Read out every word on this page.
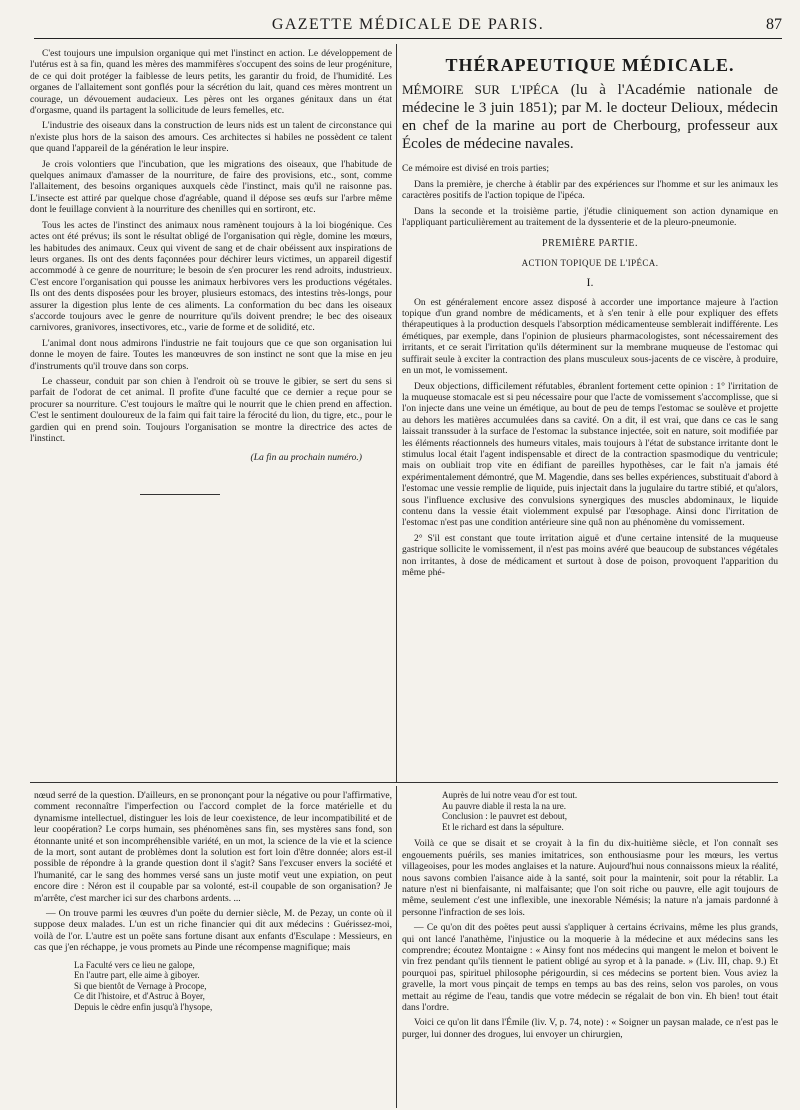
GAZETTE MÉDICALE DE PARIS.	87

C'est toujours une impulsion organique qui met l'instinct en action. Le développement de l'utérus est à sa fin, quand les mères des mammifères s'occupent des soins de leur progéniture, de ce qui doit protéger la faiblesse de leurs petits, les garantir du froid, de l'humidité. Les organes de l'allaitement sont gonflés pour la sécrétion du lait, quand ces mères montrent un courage, un dévouement audacieux. Les pères ont les organes génitaux dans un état d'orgasme, quand ils partagent la sollicitude de leurs femelles, etc.

L'industrie des oiseaux dans la construction de leurs nids est un talent de circonstance qui n'existe plus hors de la saison des amours. Ces architectes si habiles ne possèdent ce talent que quand l'appareil de la génération le leur inspire.

Je crois volontiers que l'incubation, que les migrations des oiseaux, que l'habitude de quelques animaux d'amasser de la nourriture, de faire des provisions, etc., sont, comme l'allaitement, des besoins organiques auxquels cède l'instinct, mais qu'il ne raisonne pas. L'insecte est attiré par quelque chose d'agréable, quand il dépose ses œufs sur l'arbre même dont le feuillage convient à la nourriture des chenilles qui en sortiront, etc.

Tous les actes de l'instinct des animaux nous ramènent toujours à la loi biogénique. Ces actes ont été prévus; ils sont le résultat obligé de l'organisation qui règle, domine les mœurs, les habitudes des animaux. Ceux qui vivent de sang et de chair obéissent aux inspirations de leurs organes. Ils ont des dents façonnées pour déchirer leurs victimes, un appareil digestif accommodé à ce genre de nourriture; le besoin de s'en procurer les rend adroits, industrieux. C'est encore l'organisation qui pousse les animaux herbivores vers les productions végétales. Ils ont des dents disposées pour les broyer, plusieurs estomacs, des intestins très-longs, pour assurer la digestion plus lente de ces aliments. La conformation du bec dans les oiseaux s'accorde toujours avec le genre de nourriture qu'ils doivent prendre; le bec des oiseaux carnivores, granivores, insectivores, etc., varie de forme et de solidité, etc.

L'animal dont nous admirons l'industrie ne fait toujours que ce que son organisation lui donne le moyen de faire. Toutes les manœuvres de son instinct ne sont que la mise en jeu d'instruments qu'il trouve dans son corps.

Le chasseur, conduit par son chien à l'endroit où se trouve le gibier, se sert du sens si parfait de l'odorat de cet animal. Il profite d'une faculté que ce dernier a reçue pour se procurer sa nourriture. C'est toujours le maître qui le nourrit que le chien prend en affection. C'est le sentiment douloureux de la faim qui fait taire la férocité du lion, du tigre, etc., pour le gardien qui en prend soin. Toujours l'organisation se montre la directrice des actes de l'instinct.

(La fin au prochain numéro.)
THÉRAPEUTIQUE MÉDICALE.
MÉMOIRE SUR L'IPÉCA (lu à l'Académie nationale de médecine le 3 juin 1851); par M. le docteur Delioux, médecin en chef de la marine au port de Cherbourg, professeur aux Écoles de médecine navales.

Ce mémoire est divisé en trois parties;

Dans la première, je cherche à établir par des expériences sur l'homme et sur les animaux les caractères positifs de l'action topique de l'ipéca.

Dans la seconde et la troisième partie, j'étudie cliniquement son action dynamique en l'appliquant particulièrement au traitement de la dyssenterie et de la pleuro-pneumonie.

PREMIÈRE PARTIE.
ACTION TOPIQUE DE L'IPÉCA.
I.

On est généralement encore assez disposé à accorder une importance majeure à l'action topique d'un grand nombre de médicaments, et à s'en tenir à elle pour expliquer des effets thérapeutiques à la production desquels l'absorption médicamenteuse semblerait indifférente. Les émétiques, par exemple, dans l'opinion de plusieurs pharmacologistes, sont nécessairement des irritants, et ce serait l'irritation qu'ils déterminent sur la membrane muqueuse de l'estomac qui suffirait seule à exciter la contraction des plans musculeux sous-jacents de ce viscère, à produire, en un mot, le vomissement.

Deux objections, difficilement réfutables, ébranlent fortement cette opinion : 1° l'irritation de la muqueuse stomacale est si peu nécessaire pour que l'acte de vomissement s'accomplisse, que si l'on injecte dans une veine un émétique, au bout de peu de temps l'estomac se soulève et projette au dehors les matières accumulées dans sa cavité. On a dit, il est vrai, que dans ce cas le sang laissait transsuder à la surface de l'estomac la substance injectée, soit en nature, soit modifiée par les éléments réactionnels des humeurs vitales, mais toujours à l'état de substance irritante dont le stimulus local était l'agent indispensable et direct de la contraction spasmodique du ventricule; mais on oubliait trop vite en édifiant de pareilles hypothèses, car le fait n'a jamais été expérimentalement démontré, que M. Magendie, dans ses belles expériences, substituait d'abord à l'estomac une vessie remplie de liquide, puis injectait dans la jugulaire du tartre stibié, et qu'alors, sous l'influence exclusive des convulsions synergiques des muscles abdominaux, le liquide contenu dans la vessie était violemment expulsé par l'œsophage. Ainsi donc l'irritation de l'estomac n'est pas une condition antérieure sine quâ non au phénomène du vomissement.

2° S'il est constant que toute irritation aiguë et d'une certaine intensité de la muqueuse gastrique sollicite le vomissement, il n'est pas moins avéré que beaucoup de substances végétales non irritantes, à dose de médicament et surtout à dose de poison, provoquent l'apparition du même phé-

nœud serré de la question. D'ailleurs, en se prononçant pour la négative ou pour l'affirmative, comment reconnaître l'imperfection ou l'accord complet de la force matérielle et du dynamisme intellectuel, distinguer les lois de leur coexistence, de leur incompatibilité et de leur coopération? Le corps humain, ses phénomènes sans fin, ses mystères sans fond, son étonnante unité et son incompréhensible variété, en un mot, la science de la vie et la science de la mort, sont autant de problèmes dont la solution est fort loin d'être donnée; alors est-il possible de répondre à la grande question dont il s'agit? Sans l'excuser envers la société et l'humanité, car le sang des hommes versé sans un juste motif veut une expiation, on peut encore dire : Néron est il coupable par sa volonté, est-il coupable de son organisation? Je m'arrête, c'est marcher ici sur des charbons ardents. ...

— On trouve parmi les œuvres d'un poëte du dernier siècle, M. de Pezay, un conte où il suppose deux malades. L'un est un riche financier qui dit aux médecins : Guérissez-moi, voilà de l'or. L'autre est un poëte sans fortune disant aux enfants d'Esculape : Messieurs, en cas que j'en réchappe, je vous promets au Pinde une récompense magnifique; mais

La Faculté vers ce lieu ne galope,
En l'autre part, elle aime à giboyer.
Si que bientôt de Vernage à Procope,
Ce dit l'histoire, et d'Astruc à Boyer,
Depuis le cèdre enfin jusqu'à l'hysope,
Auprès de lui notre veau d'or est tout.
Au pauvre diable il resta la na ure.
Conclusion : le pauvret est debout,
Et le richard est dans la sépulture.

Voilà ce que se disait et se croyait à la fin du dix-huitième siècle, et l'on connaît ses engouements puérils, ses manies imitatrices, son enthousiasme pour les mœurs, les vertus villageoises, pour les modes anglaises et la nature. Aujourd'hui nous connaissons mieux la réalité, nous savons combien l'aisance aide à la santé, soit pour la maintenir, soit pour la rétablir. La nature n'est ni bienfaisante, ni malfaisante; que l'on soit riche ou pauvre, elle agit toujours de même, seulement c'est une inflexible, une inexorable Némésis; la nature n'a jamais pardonné à personne l'infraction de ses lois.

— Ce qu'on dit des poëtes peut aussi s'appliquer à certains écrivains, même les plus grands, qui ont lancé l'anathème, l'injustice ou la moquerie à la médecine et aux médecins sans les comprendre; écoutez Montaigne : « Ainsy font nos médecins qui mangent le melon et boivent le vin frez pendant qu'ils tiennent le patient obligé au syrop et à la panade. » (Liv. III, chap. 9.) Et pourquoi pas, spirituel philosophe périgourdin, si ces médecins se portent bien. Vous aviez la gravelle, la mort vous pinçait de temps en temps au bas des reins, selon vos paroles, on vous mettait au régime de l'eau, tandis que votre médecin se régalait de bon vin. Eh bien! tout était dans l'ordre.

Voici ce qu'on lit dans l'Émile (liv. V, p. 74, note) : « Soigner un paysan malade, ce n'est pas le purger, lui donner des drogues, lui envoyer un chirurgien,
